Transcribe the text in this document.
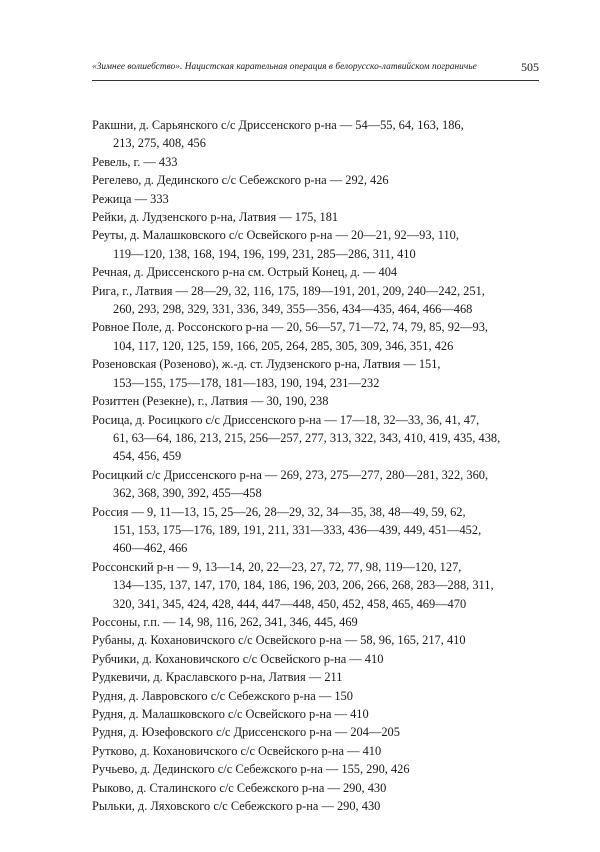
«Зимнее волшебство». Нацистская карательная операция в белорусско-латвийском пограничье	505
Ракшни, д. Сарьянского с/с Дриссенского р-на — 54—55, 64, 163, 186,
213, 275, 408, 456
Ревель, г. — 433
Регелево, д. Дединского с/с Себежского р-на — 292, 426
Режица — 333
Рейки, д. Лудзенского р-на, Латвия — 175, 181
Реуты, д. Малашковского с/с Освейского р-на — 20—21, 92—93, 110,
119—120, 138, 168, 194, 196, 199, 231, 285—286, 311, 410
Речная, д. Дриссенского р-на см. Острый Конец, д. — 404
Рига, г., Латвия — 28—29, 32, 116, 175, 189—191, 201, 209, 240—242, 251,
260, 293, 298, 329, 331, 336, 349, 355—356, 434—435, 464, 466—468
Ровное Поле, д. Россонского р-на — 20, 56—57, 71—72, 74, 79, 85, 92—93,
104, 117, 120, 125, 159, 166, 205, 264, 285, 305, 309, 346, 351, 426
Розеновская (Розеново), ж.-д. ст. Лудзенского р-на, Латвия — 151,
153—155, 175—178, 181—183, 190, 194, 231—232
Розиттен (Резекне), г., Латвия — 30, 190, 238
Росица, д. Росицкого с/с Дриссенского р-на — 17—18, 32—33, 36, 41, 47,
61, 63—64, 186, 213, 215, 256—257, 277, 313, 322, 343, 410, 419, 435, 438,
454, 456, 459
Росицкий с/с Дриссенского р-на — 269, 273, 275—277, 280—281, 322, 360,
362, 368, 390, 392, 455—458
Россия — 9, 11—13, 15, 25—26, 28—29, 32, 34—35, 38, 48—49, 59, 62,
151, 153, 175—176, 189, 191, 211, 331—333, 436—439, 449, 451—452,
460—462, 466
Россонский р-н — 9, 13—14, 20, 22—23, 27, 72, 77, 98, 119—120, 127,
134—135, 137, 147, 170, 184, 186, 196, 203, 206, 266, 268, 283—288, 311,
320, 341, 345, 424, 428, 444, 447—448, 450, 452, 458, 465, 469—470
Россоны, г.п. — 14, 98, 116, 262, 341, 346, 445, 469
Рубаны, д. Кохановичского с/с Освейского р-на — 58, 96, 165, 217, 410
Рубчики, д. Кохановичского с/с Освейского р-на — 410
Рудкевичи, д. Краславского р-на, Латвия — 211
Рудня, д. Лавровского с/с Себежского р-на — 150
Рудня, д. Малашковского с/с Освейского р-на — 410
Рудня, д. Юзефовского с/с Дриссенского р-на — 204—205
Рутково, д. Кохановичского с/с Освейского р-на — 410
Ручьево, д. Дединского с/с Себежского р-на — 155, 290, 426
Рыково, д. Сталинского с/с Себежского р-на — 290, 430
Рыльки, д. Ляховского с/с Себежского р-на — 290, 430
